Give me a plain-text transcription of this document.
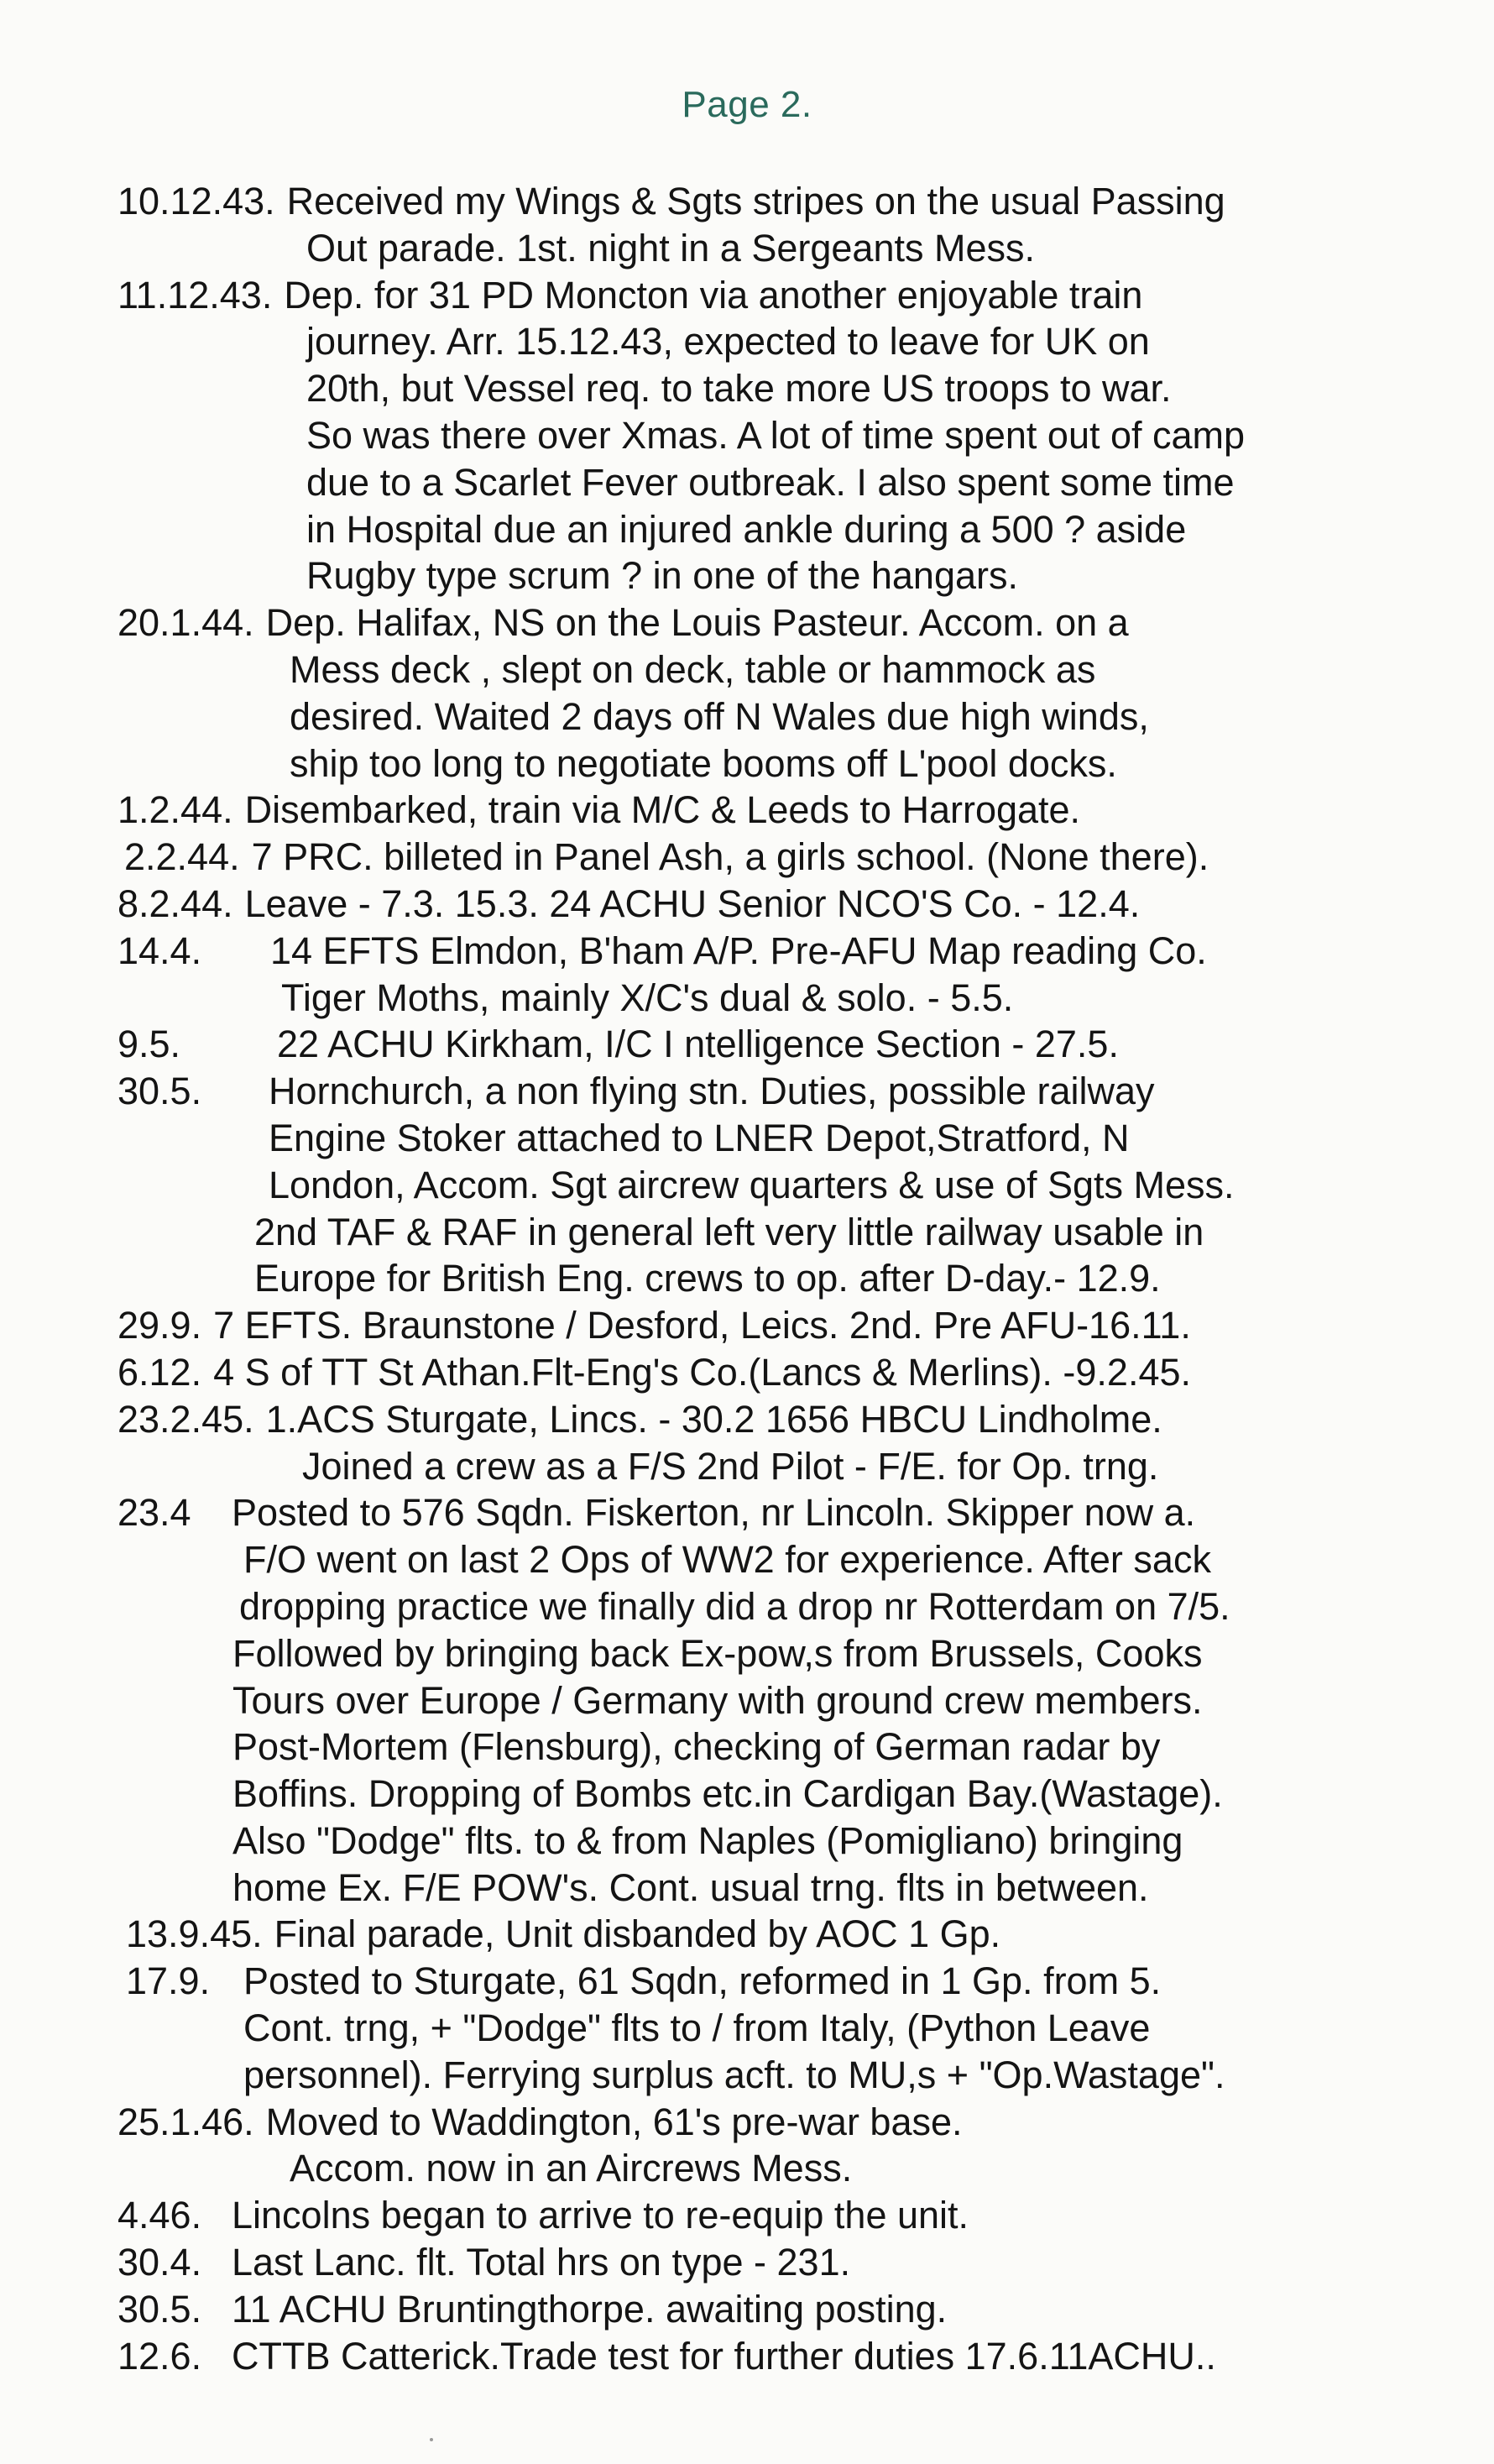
Page 2.
10.12.43. Received my Wings & Sgts stripes on the usual Passing
Out parade. 1st. night in a Sergeants Mess.
11.12.43. Dep. for 31 PD Moncton via another enjoyable train
journey. Arr. 15.12.43, expected to leave for UK on
20th, but Vessel req. to take more US troops to war.
So was there over Xmas. A lot of time spent out of camp
due to a Scarlet Fever outbreak. I also spent some time
in Hospital due an injured ankle during a 500 ? aside
Rugby type scrum ? in one of the hangars.
20.1.44. Dep. Halifax, NS on the Louis Pasteur. Accom. on a
Mess deck , slept on deck, table or hammock as
desired. Waited 2 days off N Wales due high winds,
ship too long to negotiate booms off L'pool docks.
1.2.44. Disembarked, train via M/C & Leeds to Harrogate.
2.2.44. 7 PRC. billeted in Panel Ash, a girls school. (None there).
8.2.44. Leave - 7.3. 15.3. 24 ACHU Senior NCO'S Co. - 12.4.
14.4. 14 EFTS Elmdon, B'ham A/P. Pre-AFU Map reading Co.
Tiger Moths, mainly X/C's dual & solo. - 5.5.
9.5.	22 ACHU Kirkham, I/C I ntelligence Section - 27.5.
30.5. Hornchurch, a non flying stn. Duties, possible railway
Engine Stoker attached to LNER Depot,Stratford, N
London, Accom. Sgt aircrew quarters & use of Sgts Mess.
2nd TAF & RAF in general left very little railway usable in
Europe for British Eng. crews to op. after D-day.- 12.9.
29.9. 7 EFTS. Braunstone / Desford, Leics. 2nd. Pre AFU-16.11.
6.12. 4 S of TT St Athan.Flt-Eng's Co.(Lancs & Merlins). -9.2.45.
23.2.45. 1.ACS Sturgate, Lincs. - 30.2 1656 HBCU Lindholme.
Joined a crew as a F/S 2nd Pilot - F/E. for Op. trng.
23.4 Posted to 576 Sqdn. Fiskerton, nr Lincoln. Skipper now a.
F/O went on last 2 Ops of WW2 for experience. After sack
dropping practice we finally did a drop nr Rotterdam on 7/5.
Followed by bringing back Ex-pow,s from Brussels, Cooks
Tours over Europe / Germany with ground crew members.
Post-Mortem (Flensburg), checking of German radar by
Boffins. Dropping of Bombs etc.in Cardigan Bay.(Wastage).
Also "Dodge" flts. to & from Naples (Pomigliano) bringing
home Ex. F/E POW's. Cont. usual trng. flts in between.
13.9.45. Final parade, Unit disbanded by AOC 1 Gp.
17.9. Posted to Sturgate, 61 Sqdn, reformed in 1 Gp. from 5.
Cont. trng, + "Dodge" flts to / from Italy, (Python Leave
personnel). Ferrying surplus acft. to MU,s + "Op.Wastage".
25.1.46. Moved to Waddington, 61's pre-war base.
Accom. now in an Aircrews Mess.
4.46. Lincolns began to arrive to re-equip the unit.
30.4. Last Lanc. flt. Total hrs on type - 231.
30.5. 11 ACHU Bruntingthorpe. awaiting posting.
12.6. CTTB Catterick.Trade test for further duties 17.6.11ACHU..
